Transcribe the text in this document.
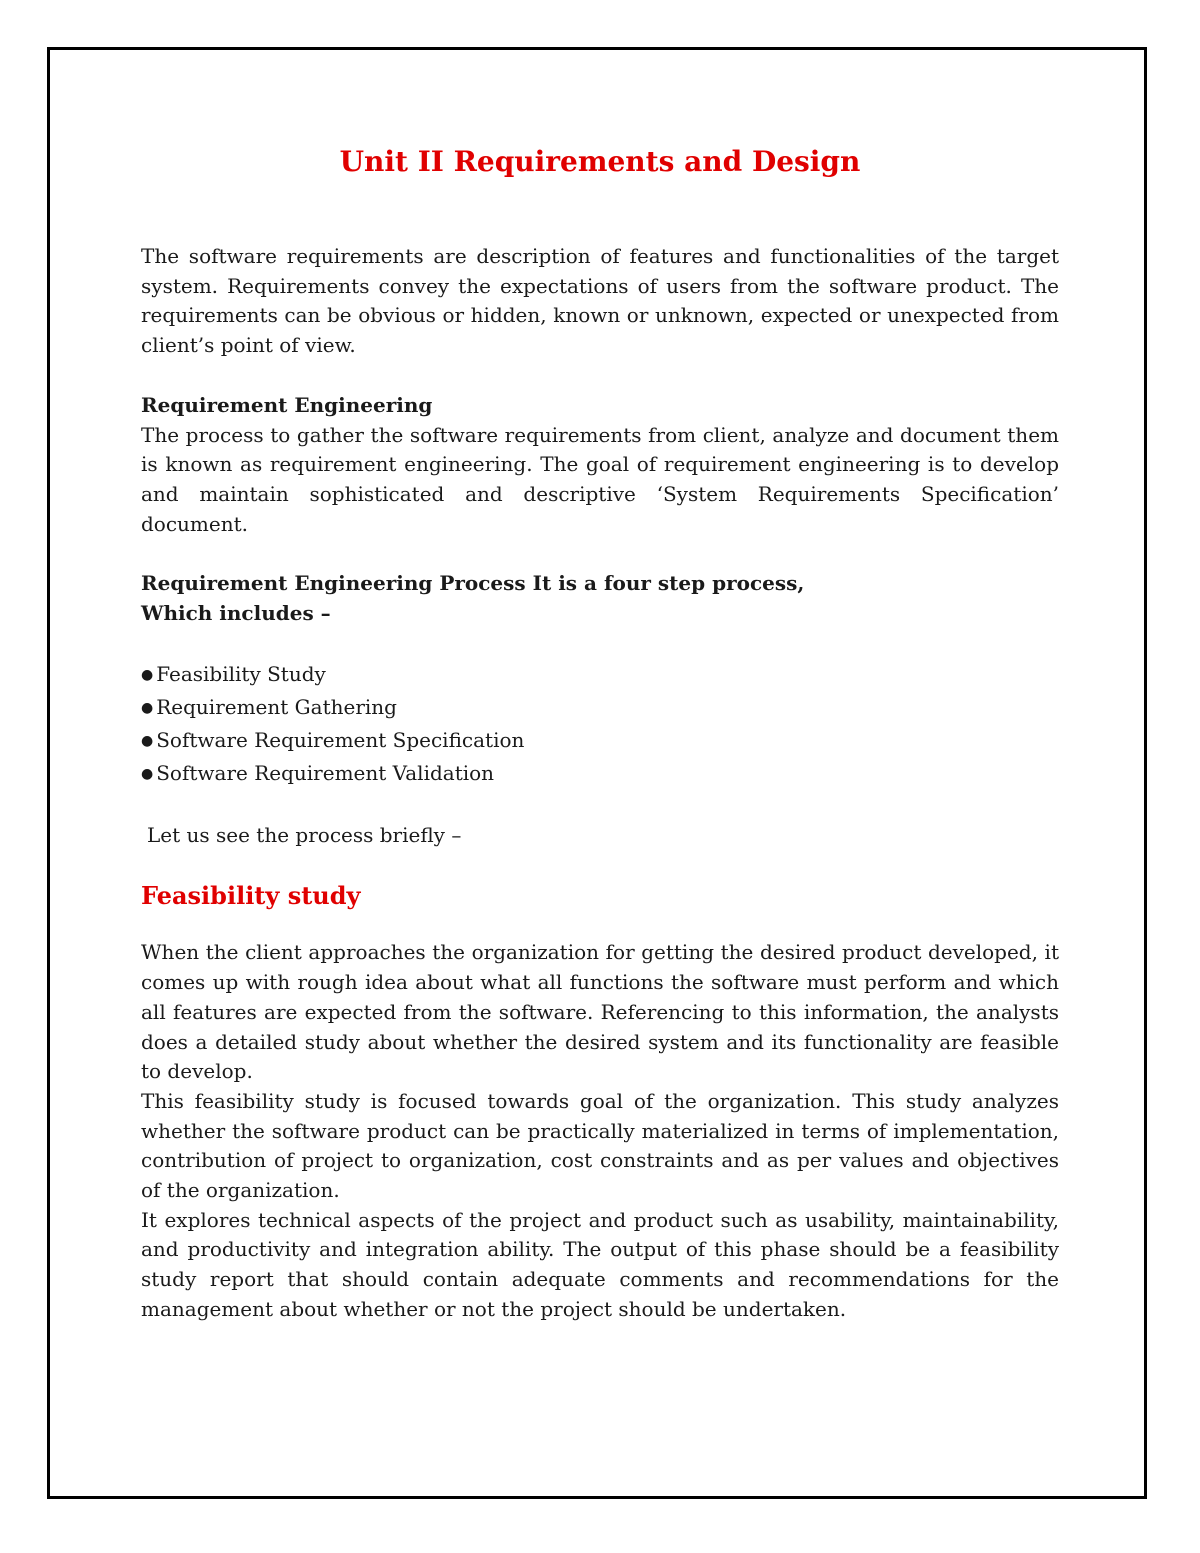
Unit II Requirements and Design

The software requirements are description of features and functionalities of the target system. Requirements convey the expectations of users from the software product. The requirements can be obvious or hidden, known or unknown, expected or unexpected from client’s point of view.

Requirement Engineering

The process to gather the software requirements from client, analyze and document them is known as requirement engineering. The goal of requirement engineering is to develop and maintain sophisticated and descriptive ‘System Requirements Specification’ document.

Requirement Engineering Process It is a four step process,
Which includes –
● Feasibility Study
● Requirement Gathering
● Software Requirement Specification
● Software Requirement Validation
Let us see the process briefly –
Feasibility study

When the client approaches the organization for getting the desired product developed, it comes up with rough idea about what all functions the software must perform and which all features are expected from the software. Referencing to this information, the analysts does a detailed study about whether the desired system and its functionality are feasible to develop.

This feasibility study is focused towards goal of the organization. This study analyzes whether the software product can be practically materialized in terms of implementation, contribution of project to organization, cost constraints and as per values and objectives of the organization.

It explores technical aspects of the project and product such as usability, maintainability, and productivity and integration ability. The output of this phase should be a feasibility study report that should contain adequate comments and recommendations for the management about whether or not the project should be undertaken.
